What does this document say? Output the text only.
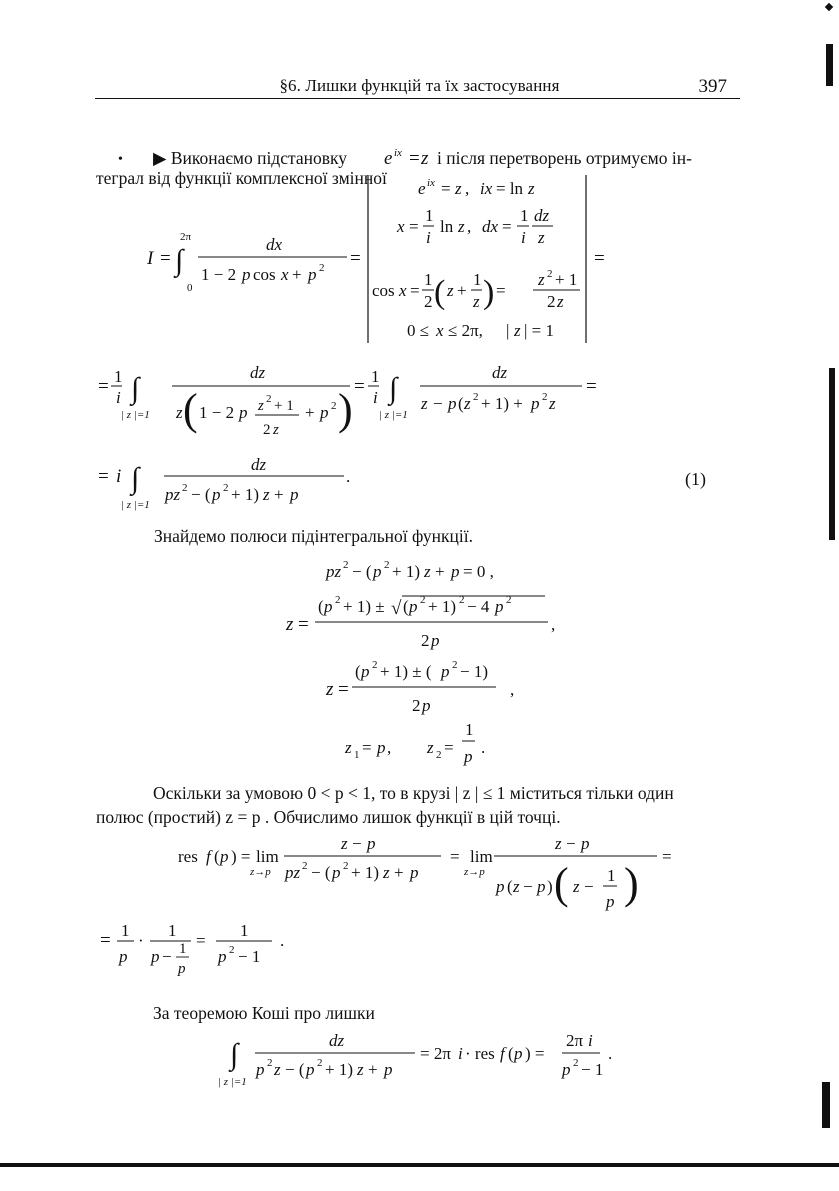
§6. Лишки функцій та їх застосування	397
• ▶ Виконаємо підстановку	і після перетворень отримуємо ін-
теграл від функції комплексної змінної
Знайдемо полюси підінтегральної функції.
Оскільки за умовою 0 < p < 1, то в крузі | z | ≤ 1 міститься тільки один
полюс (простий) z = p . Обчислимо лишок функції в цій точці.
За теоремою Коші про лишки
(1)
e ix = z
I = ∫
2π
0
dx
1 − 2 p cos x + p 2 =
e ix = z , ix = ln z
x =
1
i
ln z , dx =
1
i
dz
z
cos x =
1
2 ( z +
1
z ) =
z 2 + 1
2 z
0 ≤ x ≤ 2π, | z | = 1
=
= 1
i ∫
| z |=1
dz
z ( 1 − 2 p z 2 + 1
2 z
+ p 2 ) = 1
i ∫
| z |=1
dz
z − p ( z 2 + 1) + p 2 z
=
= i ∫
| z |=1
dz
pz 2 − ( p 2 + 1) z + p
.
pz 2 − ( p 2 + 1) z + p = 0 ,
z =
( p 2 + 1) ± √ ( p 2 + 1) 2 − 4 p 2
2 p
,
z =
( p 2 + 1) ± ( p 2 − 1)
2 p
,
z 1 = p , z 2 =
1
p .
res f ( p ) = lim
z→p
z − p
pz 2 − ( p 2 + 1) z + p
= lim
z→p
z − p
p ( z − p ) ( z −
1
p )
=
= 1
p
·
1
p − 1
p
=
1
p 2 − 1
.
∫
| z |=1
dz
p 2 z − ( p 2 + 1) z + p
= 2π i · res f ( p ) =
2π i
p 2 − 1
.
